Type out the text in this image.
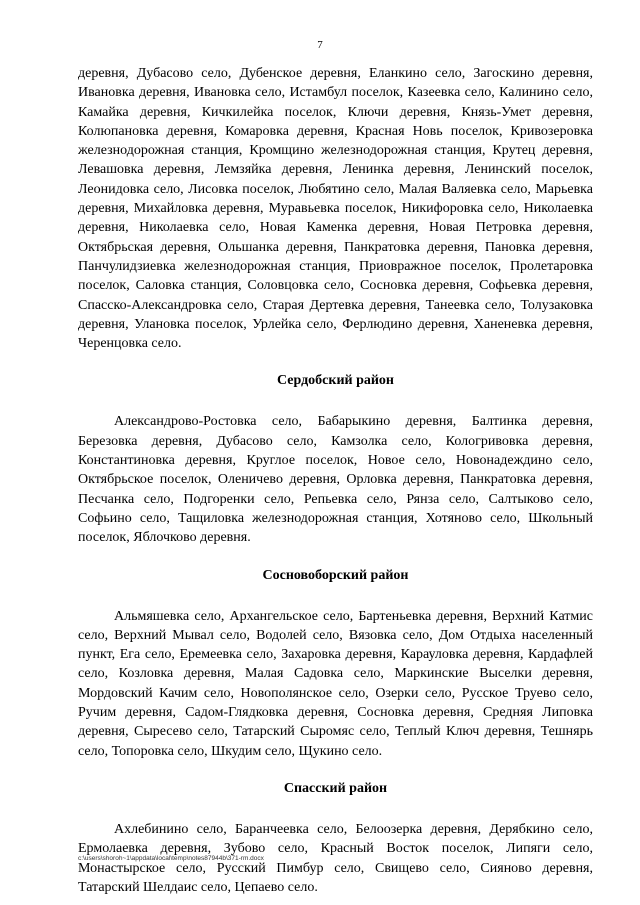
7

деревня, Дубасово село, Дубенское деревня, Еланкино село, Загоскино деревня, Ивановка деревня, Ивановка село, Истамбул поселок, Казеевка село, Калинино село, Камайка деревня, Кичкилейка поселок, Ключи деревня, Князь-Умет деревня, Колюпановка деревня, Комаровка деревня, Красная Новь поселок, Кривозеровка железнодорожная станция, Кромщино железнодорожная станция, Крутец деревня, Левашовка деревня, Лемзяйка деревня, Ленинка деревня, Ленинский поселок, Леонидовка село, Лисовка поселок, Любятино село, Малая Валяевка село, Марьевка деревня, Михайловка деревня, Муравьевка поселок, Никифоровка село, Николаевка деревня, Николаевка село, Новая Каменка деревня, Новая Петровка деревня, Октябрьская деревня, Ольшанка деревня, Панкратовка деревня, Пановка деревня, Панчулидзиевка железнодорожная станция, Приовражное поселок, Пролетаровка поселок, Саловка станция, Соловцовка село, Сосновка деревня, Софьевка деревня, Спасско-Александровка село, Старая Дертевка деревня, Танеевка село, Толузаковка деревня, Улановка поселок, Урлейка село, Ферлюдино деревня, Ханеневка деревня, Черенцовка село.

Сердобский район

Александрово-Ростовка село, Бабарыкино деревня, Балтинка деревня, Березовка деревня, Дубасово село, Камзолка село, Кологривовка деревня, Константиновка деревня, Круглое поселок, Новое село, Новонадеждино село, Октябрьское поселок, Оленичево деревня, Орловка деревня, Панкратовка деревня, Песчанка село, Подгоренки село, Репьевка село, Рянза село, Салтыково село, Софьино село, Тащиловка железнодорожная станция, Хотяново село, Школьный поселок, Яблочково деревня.

Сосновоборский район

Альмяшевка село, Архангельское село, Бартеньевка деревня, Верхний Катмис село, Верхний Мывал село, Водолей село, Вязовка село, Дом Отдыха населенный пункт, Ега село, Еремеевка село, Захаровка деревня, Карауловка деревня, Кардафлей село, Козловка деревня, Малая Садовка село, Маркинские Выселки деревня, Мордовский Качим село, Новополянское село, Озерки село, Русское Труево село, Ручим деревня, Садом-Глядковка деревня, Сосновка деревня, Средняя Липовка деревня, Сыресево село, Татарский Сыромяс село, Теплый Ключ деревня, Тешнярь село, Топоровка село, Шкудим село, Щукино село.

Спасский район

Ахлебинино село, Баранчеевка село, Белоозерка деревня, Дерябкино село, Ермолаевка деревня, Зубово село, Красный Восток поселок, Липяги село, Монастырское село, Русский Пимбур село, Свищево село, Сияново деревня, Татарский Шелдаис село, Цепаево село.

c:\users\shoroh~1\appdata\local\temp\notes87944b\371-rm.docx
